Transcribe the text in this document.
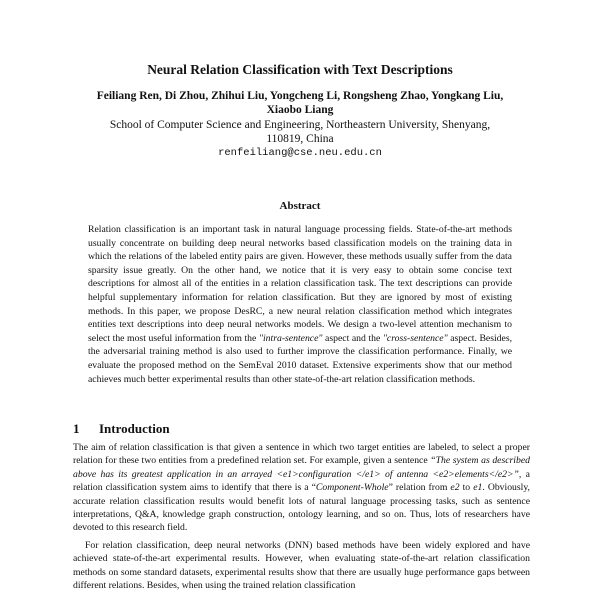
Neural Relation Classification with Text Descriptions
Feiliang Ren, Di Zhou, Zhihui Liu, Yongcheng Li, Rongsheng Zhao, Yongkang Liu, Xiaobo Liang
School of Computer Science and Engineering, Northeastern University, Shenyang, 110819, China
renfeiliang@cse.neu.edu.cn
Abstract

Relation classification is an important task in natural language processing fields. State-of-the-art methods usually concentrate on building deep neural networks based classification models on the training data in which the relations of the labeled entity pairs are given. However, these methods usually suffer from the data sparsity issue greatly. On the other hand, we notice that it is very easy to obtain some concise text descriptions for almost all of the entities in a relation classification task. The text descriptions can provide helpful supplementary information for relation classification. But they are ignored by most of existing methods. In this paper, we propose DesRC, a new neural relation classification method which integrates entities text descriptions into deep neural networks models. We design a two-level attention mechanism to select the most useful information from the "intra-sentence" aspect and the "cross-sentence" aspect. Besides, the adversarial training method is also used to further improve the classification performance. Finally, we evaluate the proposed method on the SemEval 2010 dataset. Extensive experiments show that our method achieves much better experimental results than other state-of-the-art relation classification methods.

1 Introduction

The aim of relation classification is that given a sentence in which two target entities are labeled, to select a proper relation for these two entities from a predefined relation set. For example, given a sentence “The system as described above has its greatest application in an arrayed <e1>configuration </e1> of antenna <e2>elements</e2>”, a relation classification system aims to identify that there is a “Component-Whole” relation from e2 to e1. Obviously, accurate relation classification results would benefit lots of natural language processing tasks, such as sentence interpretations, Q&A, knowledge graph construction, ontology learning, and so on. Thus, lots of researchers have devoted to this research field.

For relation classification, deep neural networks (DNN) based methods have been widely explored and have achieved state-of-the-art experimental results. However, when evaluating state-of-the-art relation classification methods on some standard datasets, experimental results show that there are usually huge performance gaps between different relations. Besides, when using the trained relation classification
